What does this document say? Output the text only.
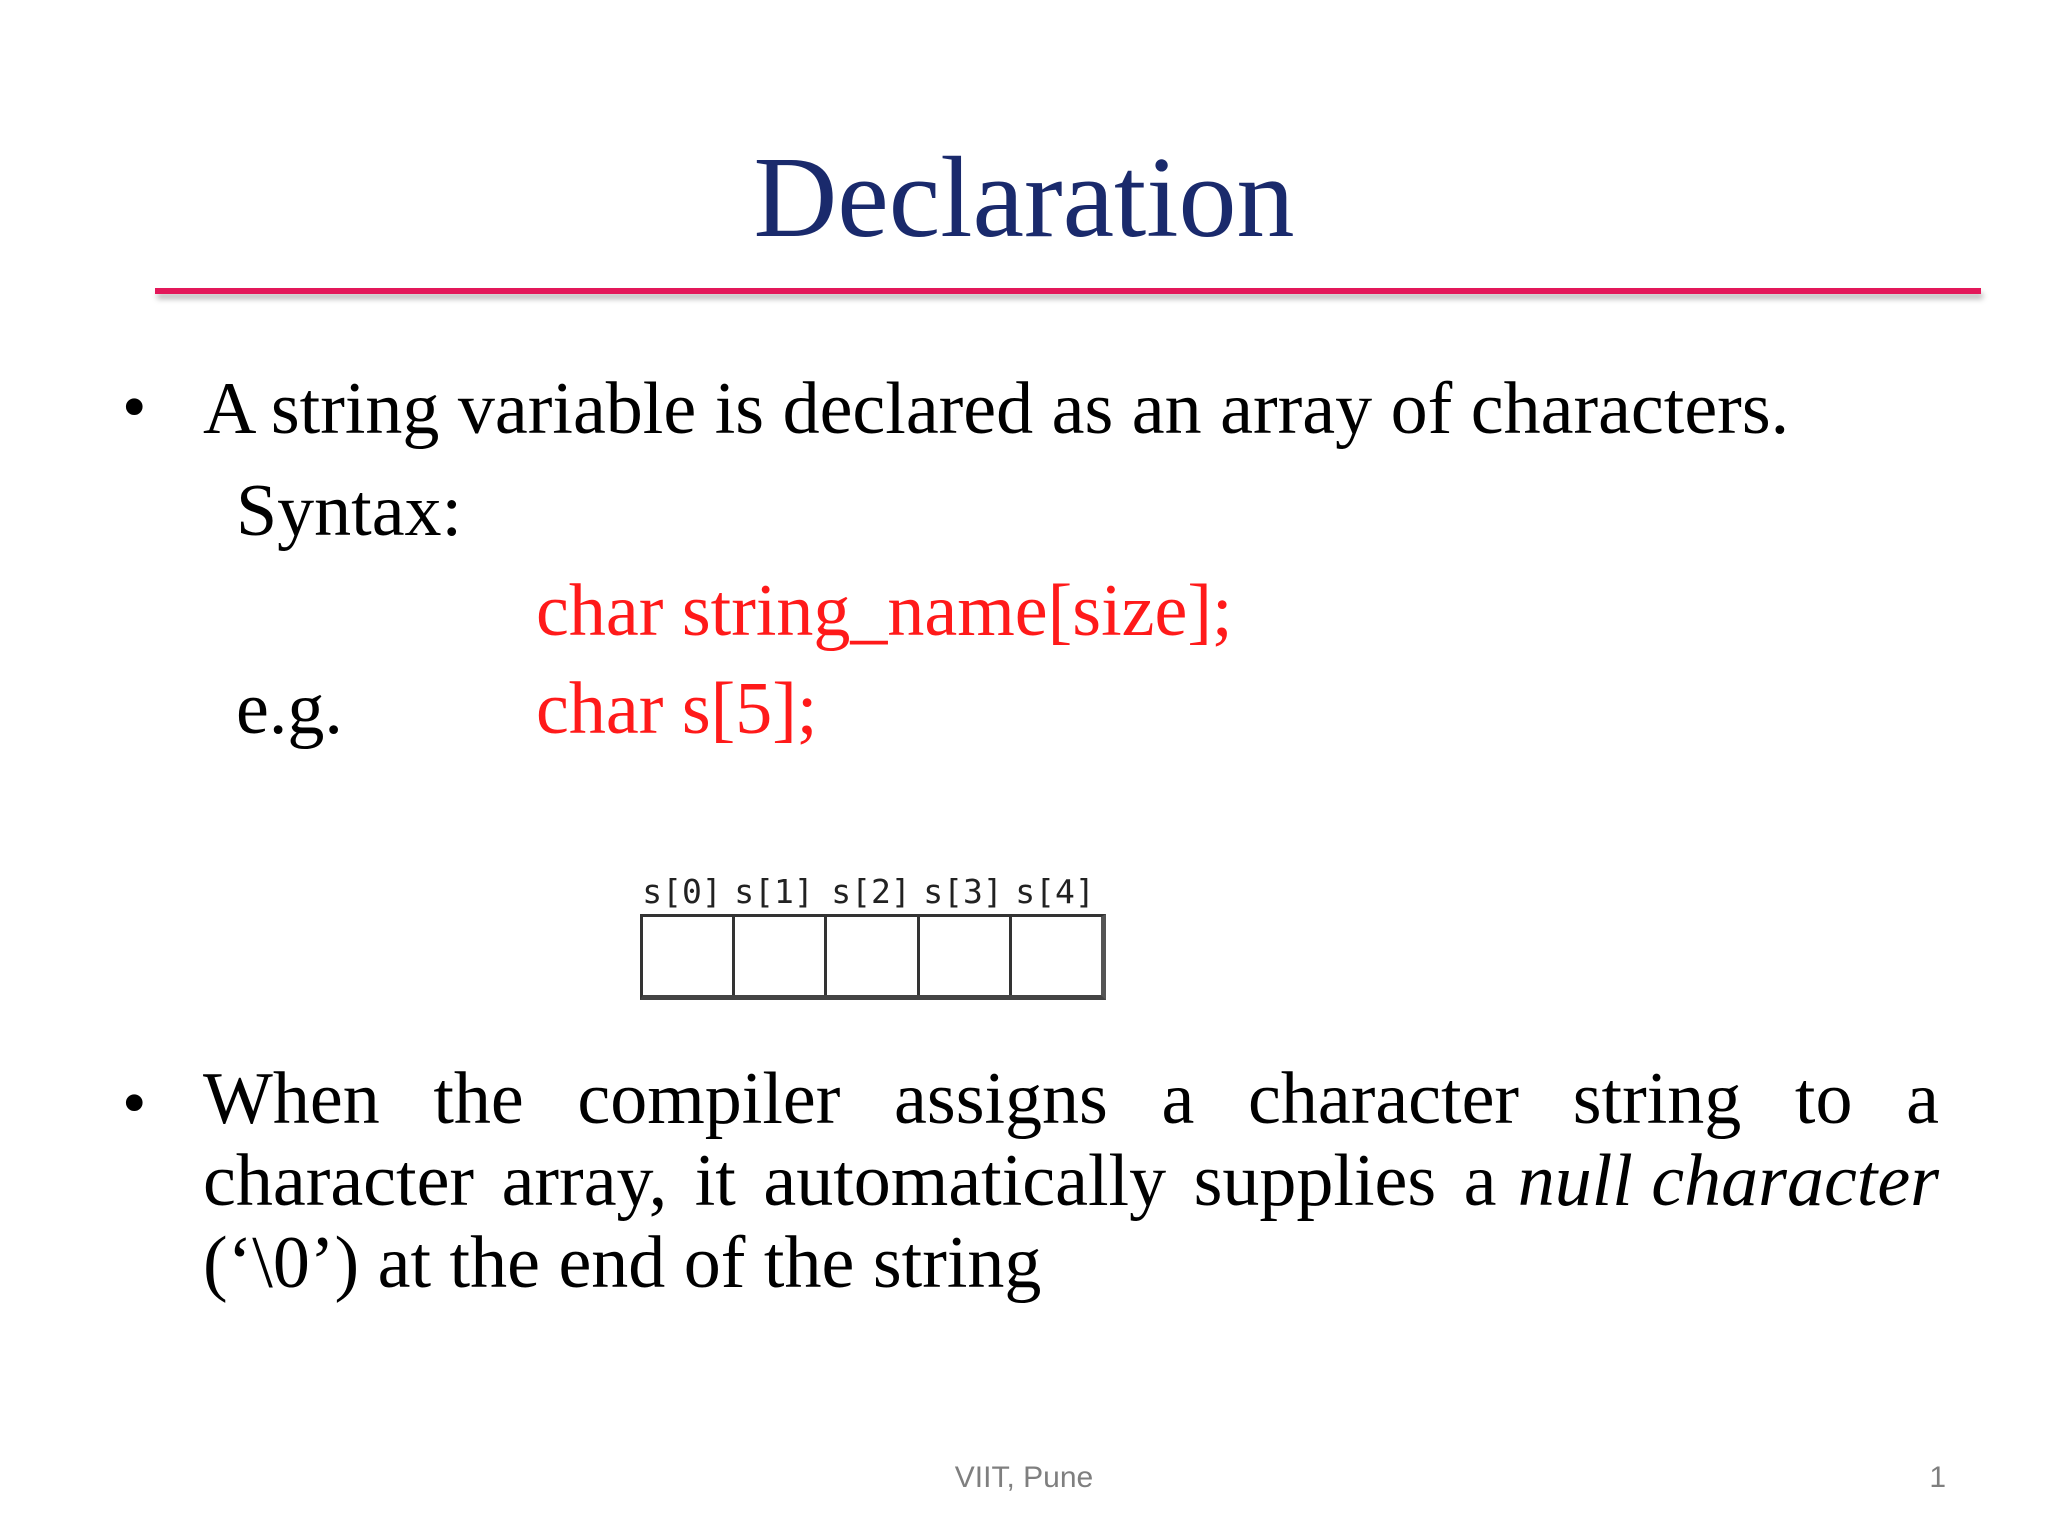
Declaration
• A string variable is declared as an array of characters.
Syntax:
char string_name[size];
e.g.	char s[5];
s[0] s[1] s[2] s[3] s[4]
• When the compiler assigns a character string to a
character array, it automatically supplies a null character
(‘\0’) at the end of the string
VIIT, Pune	1
